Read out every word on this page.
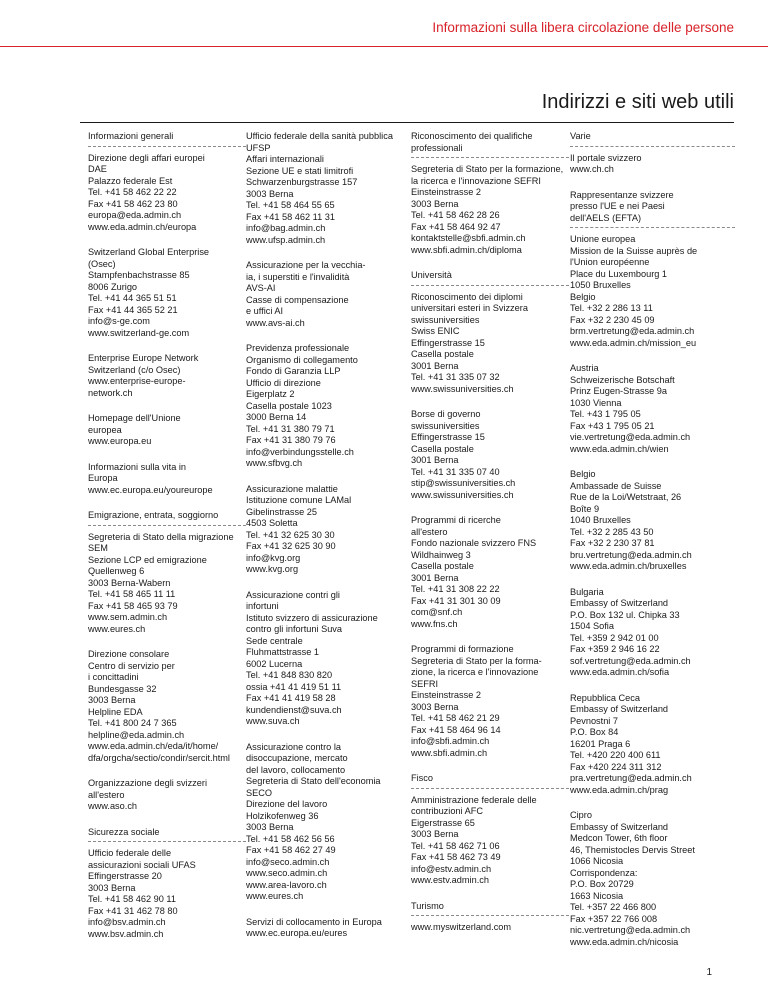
Informazioni sulla libera circolazione delle persone
Indirizzi e siti web utili
Informazioni generali
Direzione degli affari europei
DAE
Palazzo federale Est
Tel. +41 58 462 22 22
Fax +41 58 462 23 80
europa@eda.admin.ch
www.eda.admin.ch/europa
Switzerland Global Enterprise
(Osec)
Stampfenbachstrasse 85
8006 Zurigo
Tel. +41 44 365 51 51
Fax +41 44 365 52 21
info@s-ge.com
www.switzerland-ge.com
Enterprise Europe Network
Switzerland (c/o Osec)
www.enterprise-europe-
network.ch
Homepage dell'Unione
europea
www.europa.eu
Informazioni sulla vita in
Europa
www.ec.europa.eu/youreurope
Emigrazione, entrata, soggiorno
Segreteria di Stato della migrazione
SEM
Sezione LCP ed emigrazione
Quellenweg 6
3003 Berna-Wabern
Tel. +41 58 465 11 11
Fax +41 58 465 93 79
www.sem.admin.ch
www.eures.ch
Direzione consolare
Centro di servizio per
i concittadini
Bundesgasse 32
3003 Berna
Helpline EDA
Tel. +41 800 24 7 365
helpline@eda.admin.ch
www.eda.admin.ch/eda/it/home/
dfa/orgcha/sectio/condir/sercit.html
Organizzazione degli svizzeri
all'estero
www.aso.ch
Sicurezza sociale
Ufficio federale delle
assicurazioni sociali UFAS
Effingerstrasse 20
3003 Berna
Tel. +41 58 462 90 11
Fax +41 31 462 78 80
info@bsv.admin.ch
www.bsv.admin.ch
Ufficio federale della sanità pubblica
UFSP
Affari internazionali
Sezione UE e stati limitrofi
Schwarzenburgstrasse 157
3003 Berna
Tel. +41 58 464 55 65
Fax +41 58 462 11 31
info@bag.admin.ch
www.ufsp.admin.ch
Assicurazione per la vecchia-
ia, i superstiti e l'invalidità
AVS-AI
Casse di compensazione
e uffici AI
www.avs-ai.ch
Previdenza professionale
Organismo di collegamento
Fondo di Garanzia LLP
Ufficio di direzione
Eigerplatz 2
Casella postale 1023
3000 Berna 14
Tel. +41 31 380 79 71
Fax +41 31 380 79 76
info@verbindungsstelle.ch
www.sfbvg.ch
Assicurazione malattie
Istituzione comune LAMal
Gibelinstrasse 25
4503 Soletta
Tel. +41 32 625 30 30
Fax +41 32 625 30 90
info@kvg.org
www.kvg.org
Assicurazione contri gli
infortuni
Istituto svizzero di assicurazione
contro gli infortuni Suva
Sede centrale
Fluhmattstrasse 1
6002 Lucerna
Tel. +41 848 830 820
ossia +41 41 419 51 11
Fax +41 41 419 58 28
kundendienst@suva.ch
www.suva.ch
Assicurazione contro la
disoccupazione, mercato
del lavoro, collocamento
Segreteria di Stato dell'economia
SECO
Direzione del lavoro
Holzikofenweg 36
3003 Berna
Tel. +41 58 462 56 56
Fax +41 58 462 27 49
info@seco.admin.ch
www.seco.admin.ch
www.area-lavoro.ch
www.eures.ch
Servizi di collocamento in Europa
www.ec.europa.eu/eures
Riconoscimento dei qualifiche
professionali
Segreteria di Stato per la formazione,
la ricerca e l'innovazione SEFRI
Einsteinstrasse 2
3003 Berna
Tel. +41 58 462 28 26
Fax +41 58 464 92 47
kontaktstelle@sbfi.admin.ch
www.sbfi.admin.ch/diploma
Università
Riconoscimento dei diplomi
universitari esteri in Svizzera
swissuniversities
Swiss ENIC
Effingerstrasse 15
Casella postale
3001 Berna
Tel. +41 31 335 07 32
www.swissuniversities.ch
Borse di governo
swissuniversities
Effingerstrasse 15
Casella postale
3001 Berna
Tel. +41 31 335 07 40
stip@swissuniversities.ch
www.swissuniversities.ch
Programmi di ricerche
all'estero
Fondo nazionale svizzero FNS
Wildhainweg 3
Casella postale
3001 Berna
Tel. +41 31 308 22 22
Fax +41 31 301 30 09
com@snf.ch
www.fns.ch
Programmi di formazione
Segreteria di Stato per la forma-
zione, la ricerca e l'innovazione
SEFRI
Einsteinstrasse 2
3003 Berna
Tel. +41 58 462 21 29
Fax +41 58 464 96 14
info@sbfi.admin.ch
www.sbfi.admin.ch
Fisco
Amministrazione federale delle
contribuzioni AFC
Eigerstrasse 65
3003 Berna
Tel. +41 58 462 71 06
Fax +41 58 462 73 49
info@estv.admin.ch
www.estv.admin.ch
Turismo
www.myswitzerland.com
Varie
Il portale svizzero
www.ch.ch
Rappresentanze svizzere
presso l'UE e nei Paesi
dell'AELS (EFTA)
Unione europea
Mission de la Suisse auprès de
l'Union européenne
Place du Luxembourg 1
1050 Bruxelles
Belgio
Tel. +32 2 286 13 11
Fax +32 2 230 45 09
brm.vertretung@eda.admin.ch
www.eda.admin.ch/mission_eu
Austria
Schweizerische Botschaft
Prinz Eugen-Strasse 9a
1030 Vienna
Tel. +43 1 795 05
Fax +43 1 795 05 21
vie.vertretung@eda.admin.ch
www.eda.admin.ch/wien
Belgio
Ambassade de Suisse
Rue de la Loi/Wetstraat, 26
Boîte 9
1040 Bruxelles
Tel. +32 2 285 43 50
Fax +32 2 230 37 81
bru.vertretung@eda.admin.ch
www.eda.admin.ch/bruxelles
Bulgaria
Embassy of Switzerland
P.O. Box 132 ul. Chipka 33
1504 Sofia
Tel. +359 2 942 01 00
Fax +359 2 946 16 22
sof.vertretung@eda.admin.ch
www.eda.admin.ch/sofia
Repubblica Ceca
Embassy of Switzerland
Pevnostni 7
P.O. Box 84
16201 Praga 6
Tel. +420 220 400 611
Fax +420 224 311 312
pra.vertretung@eda.admin.ch
www.eda.admin.ch/prag
Cipro
Embassy of Switzerland
Medcon Tower, 6th floor
46, Themistocles Dervis Street
1066 Nicosia
Corrispondenza:
P.O. Box 20729
1663 Nicosia
Tel. +357 22 466 800
Fax +357 22 766 008
nic.vertretung@eda.admin.ch
www.eda.admin.ch/nicosia
1
